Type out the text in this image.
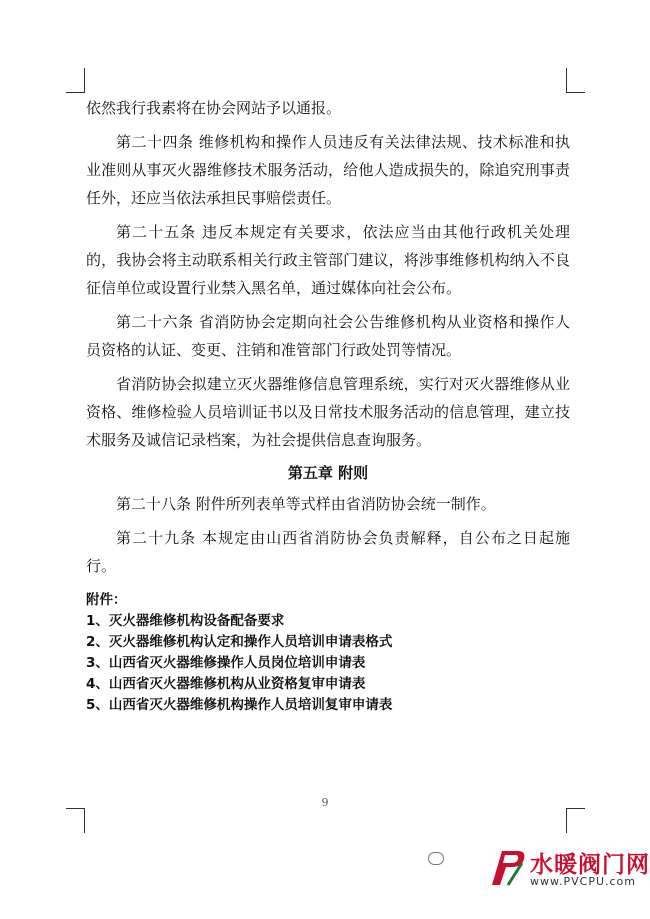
依然我行我素将在协会网站予以通报。

第二十四条 维修机构和操作人员违反有关法律法规、技术标准和执业准则从事灭火器维修技术服务活动，给他人造成损失的，除追究刑事责任外，还应当依法承担民事赔偿责任。

第二十五条 违反本规定有关要求，依法应当由其他行政机关处理的，我协会将主动联系相关行政主管部门建议，将涉事维修机构纳入不良征信单位或设置行业禁入黑名单，通过媒体向社会公布。

第二十六条 省消防协会定期向社会公告维修机构从业资格和操作人员资格的认证、变更、注销和准管部门行政处罚等情况。

省消防协会拟建立灭火器维修信息管理系统，实行对灭火器维修从业资格、维修检验人员培训证书以及日常技术服务活动的信息管理，建立技术服务及诚信记录档案，为社会提供信息查询服务。

第五章 附则

第二十八条 附件所列表单等式样由省消防协会统一制作。

第二十九条 本规定由山西省消防协会负责解释，自公布之日起施行。

附件：
1、灭火器维修机构设备配备要求
2、灭火器维修机构认定和操作人员培训申请表格式
3、山西省灭火器维修操作人员岗位培训申请表
4、山西省灭火器维修机构从业资格复审申请表
5、山西省灭火器维修机构操作人员培训复审申请表
9
水暖阀门网
www.PVCPU.com
